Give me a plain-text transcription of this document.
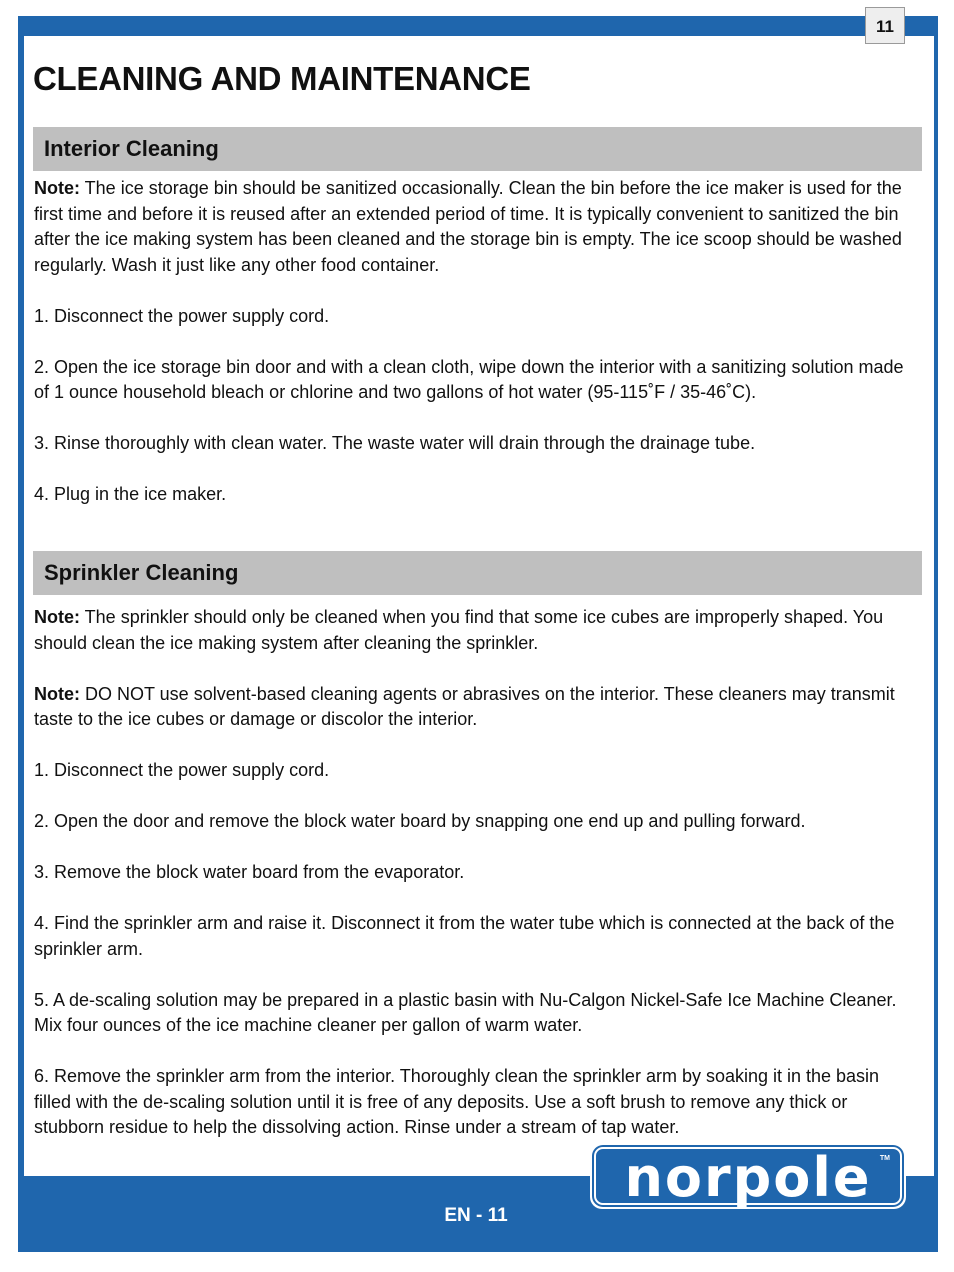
11
CLEANING AND MAINTENANCE
Interior Cleaning

Note: The ice storage bin should be sanitized occasionally. Clean the bin before the ice maker is used for the first time and before it is reused after an extended period of time. It is typically convenient to sanitized the bin after the ice making system has been cleaned and the storage bin is empty. The ice scoop should be washed regularly. Wash it just like any other food container.

1. Disconnect the power supply cord.

2. Open the ice storage bin door and with a clean cloth, wipe down the interior with a sanitizing solution made of 1 ounce household bleach or chlorine and two gallons of hot water (95-115˚F / 35-46˚C).

3. Rinse thoroughly with clean water. The waste water will drain through the drainage tube.

4. Plug in the ice maker.

Sprinkler Cleaning

Note: The sprinkler should only be cleaned when you find that some ice cubes are improperly shaped. You should clean the ice making system after cleaning the sprinkler.

Note: DO NOT use solvent-based cleaning agents or abrasives on the interior. These cleaners may transmit taste to the ice cubes or damage or discolor the interior.

1. Disconnect the power supply cord.

2. Open the door and remove the block water board by snapping one end up and pulling forward.

3. Remove the block water board from the evaporator.

4. Find the sprinkler arm and raise it. Disconnect it from the water tube which is connected at the back of the sprinkler arm.

5. A de-scaling solution may be prepared in a plastic basin with Nu-Calgon Nickel-Safe Ice Machine Cleaner. Mix four ounces of the ice machine cleaner per gallon of warm water.

6. Remove the sprinkler arm from the interior. Thoroughly clean the sprinkler arm by soaking it in the basin filled with the de-scaling solution until it is free of any deposits. Use a soft brush to remove any thick or stubborn residue to help the dissolving action. Rinse under a stream of tap water.

norpole	TM
EN - 11
